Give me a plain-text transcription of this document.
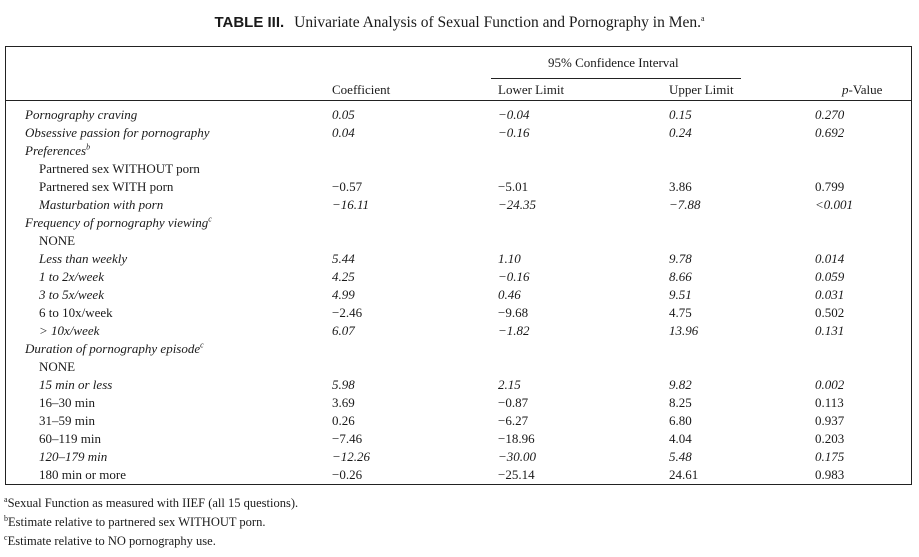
TABLE III. Univariate Analysis of Sexual Function and Pornography in Men.$^a$
95% Confidence Interval
Coefficient	Lower Limit	Upper Limit	p-Value
Pornography craving	0.05	−0.04	0.15	0.270
Obsessive passion for pornography	0.04	−0.16	0.24	0.692
Preferences$^b$
Partnered sex WITHOUT porn
Partnered sex WITH porn	−0.57	−5.01	3.86	0.799
Masturbation with porn	−16.11	−24.35	−7.88	<0.001
Frequency of pornography viewing$^c$
NONE
Less than weekly	5.44	1.10	9.78	0.014
1 to 2x/week	4.25	−0.16	8.66	0.059
3 to 5x/week	4.99	0.46	9.51	0.031
6 to 10x/week	−2.46	−9.68	4.75	0.502
> 10x/week	6.07	−1.82	13.96	0.131
Duration of pornography episode$^c$
NONE
15 min or less	5.98	2.15	9.82	0.002
16–30 min	3.69	−0.87	8.25	0.113
31–59 min	0.26	−6.27	6.80	0.937
60–119 min	−7.46	−18.96	4.04	0.203
120–179 min	−12.26	−30.00	5.48	0.175
180 min or more	−0.26	−25.14	24.61	0.983
$^a$Sexual Function as measured with IIEF (all 15 questions).
$^b$Estimate relative to partnered sex WITHOUT porn.
$^c$Estimate relative to NO pornography use.
